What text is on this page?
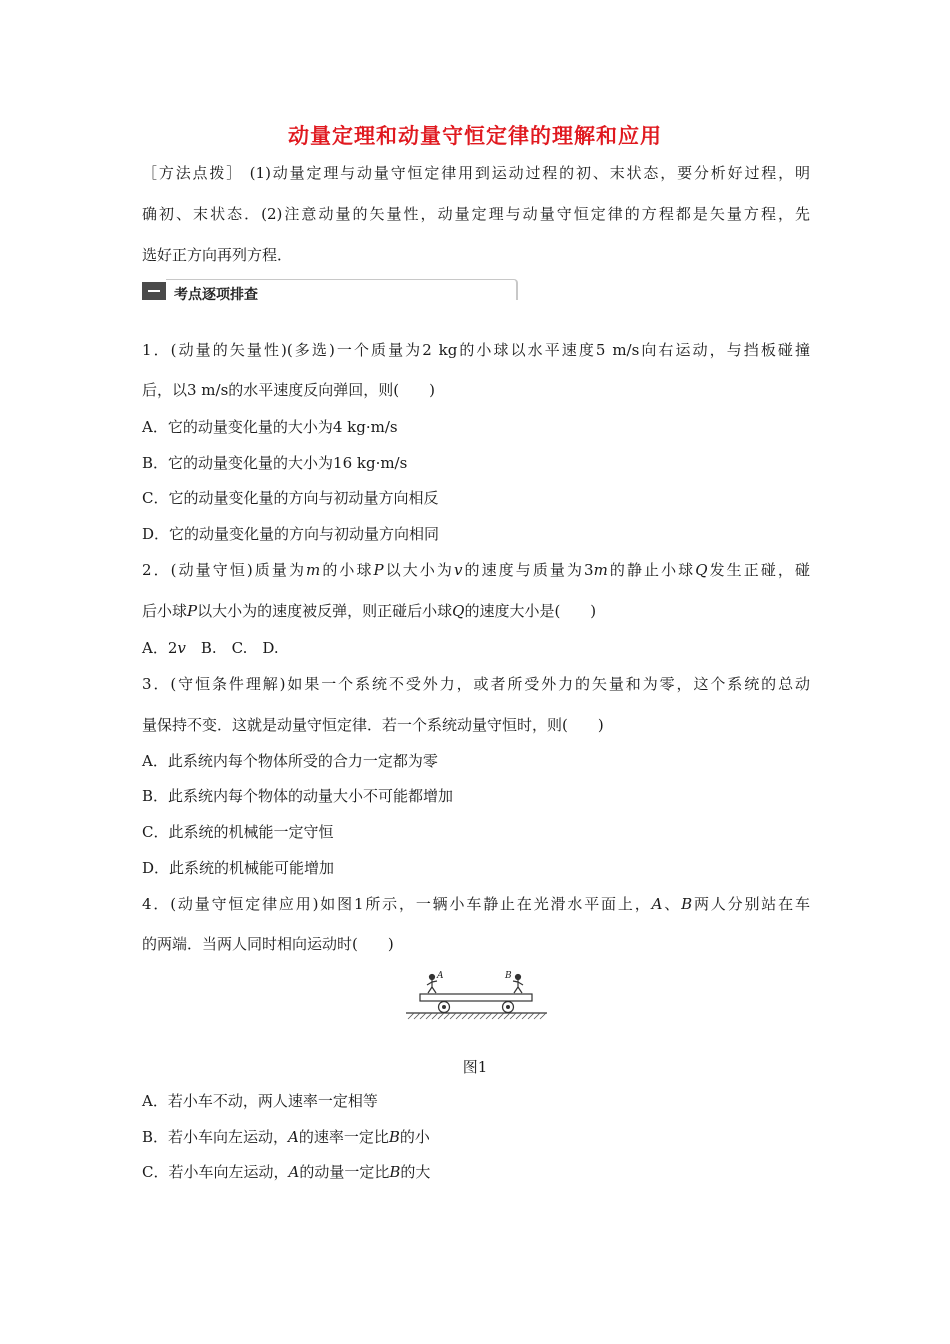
动量定理和动量守恒定律的理解和应用
［方法点拨］ (1)动量定理与动量守恒定律用到运动过程的初、末状态，要分析好过程，明
确初、末状态．(2)注意动量的矢量性，动量定理与动量守恒定律的方程都是矢量方程，先
选好正方向再列方程．
考点逐项排查
1．(动量的矢量性)(多选)一个质量为2 kg的小球以水平速度5 m/s向右运动，与挡板碰撞
后，以3 m/s的水平速度反向弹回，则(　　)
A．它的动量变化量的大小为4 kg·m/s
B．它的动量变化量的大小为16 kg·m/s
C．它的动量变化量的方向与初动量方向相反
D．它的动量变化量的方向与初动量方向相同
2．(动量守恒)质量为m的小球P以大小为v的速度与质量为3m的静止小球Q发生正碰，碰
后小球P以大小为的速度被反弹，则正碰后小球Q的速度大小是(　　)
A．2v　B.　C.　D.
3．(守恒条件理解)如果一个系统不受外力，或者所受外力的矢量和为零，这个系统的总动
量保持不变．这就是动量守恒定律．若一个系统动量守恒时，则(　　)
A．此系统内每个物体所受的合力一定都为零
B．此系统内每个物体的动量大小不可能都增加
C．此系统的机械能一定守恒
D．此系统的机械能可能增加
4．(动量守恒定律应用)如图1所示，一辆小车静止在光滑水平面上，A、B两人分别站在车
的两端．当两人同时相向运动时(　　)
A	B
图1
A．若小车不动，两人速率一定相等
B．若小车向左运动，A的速率一定比B的小
C．若小车向左运动，A的动量一定比B的大
